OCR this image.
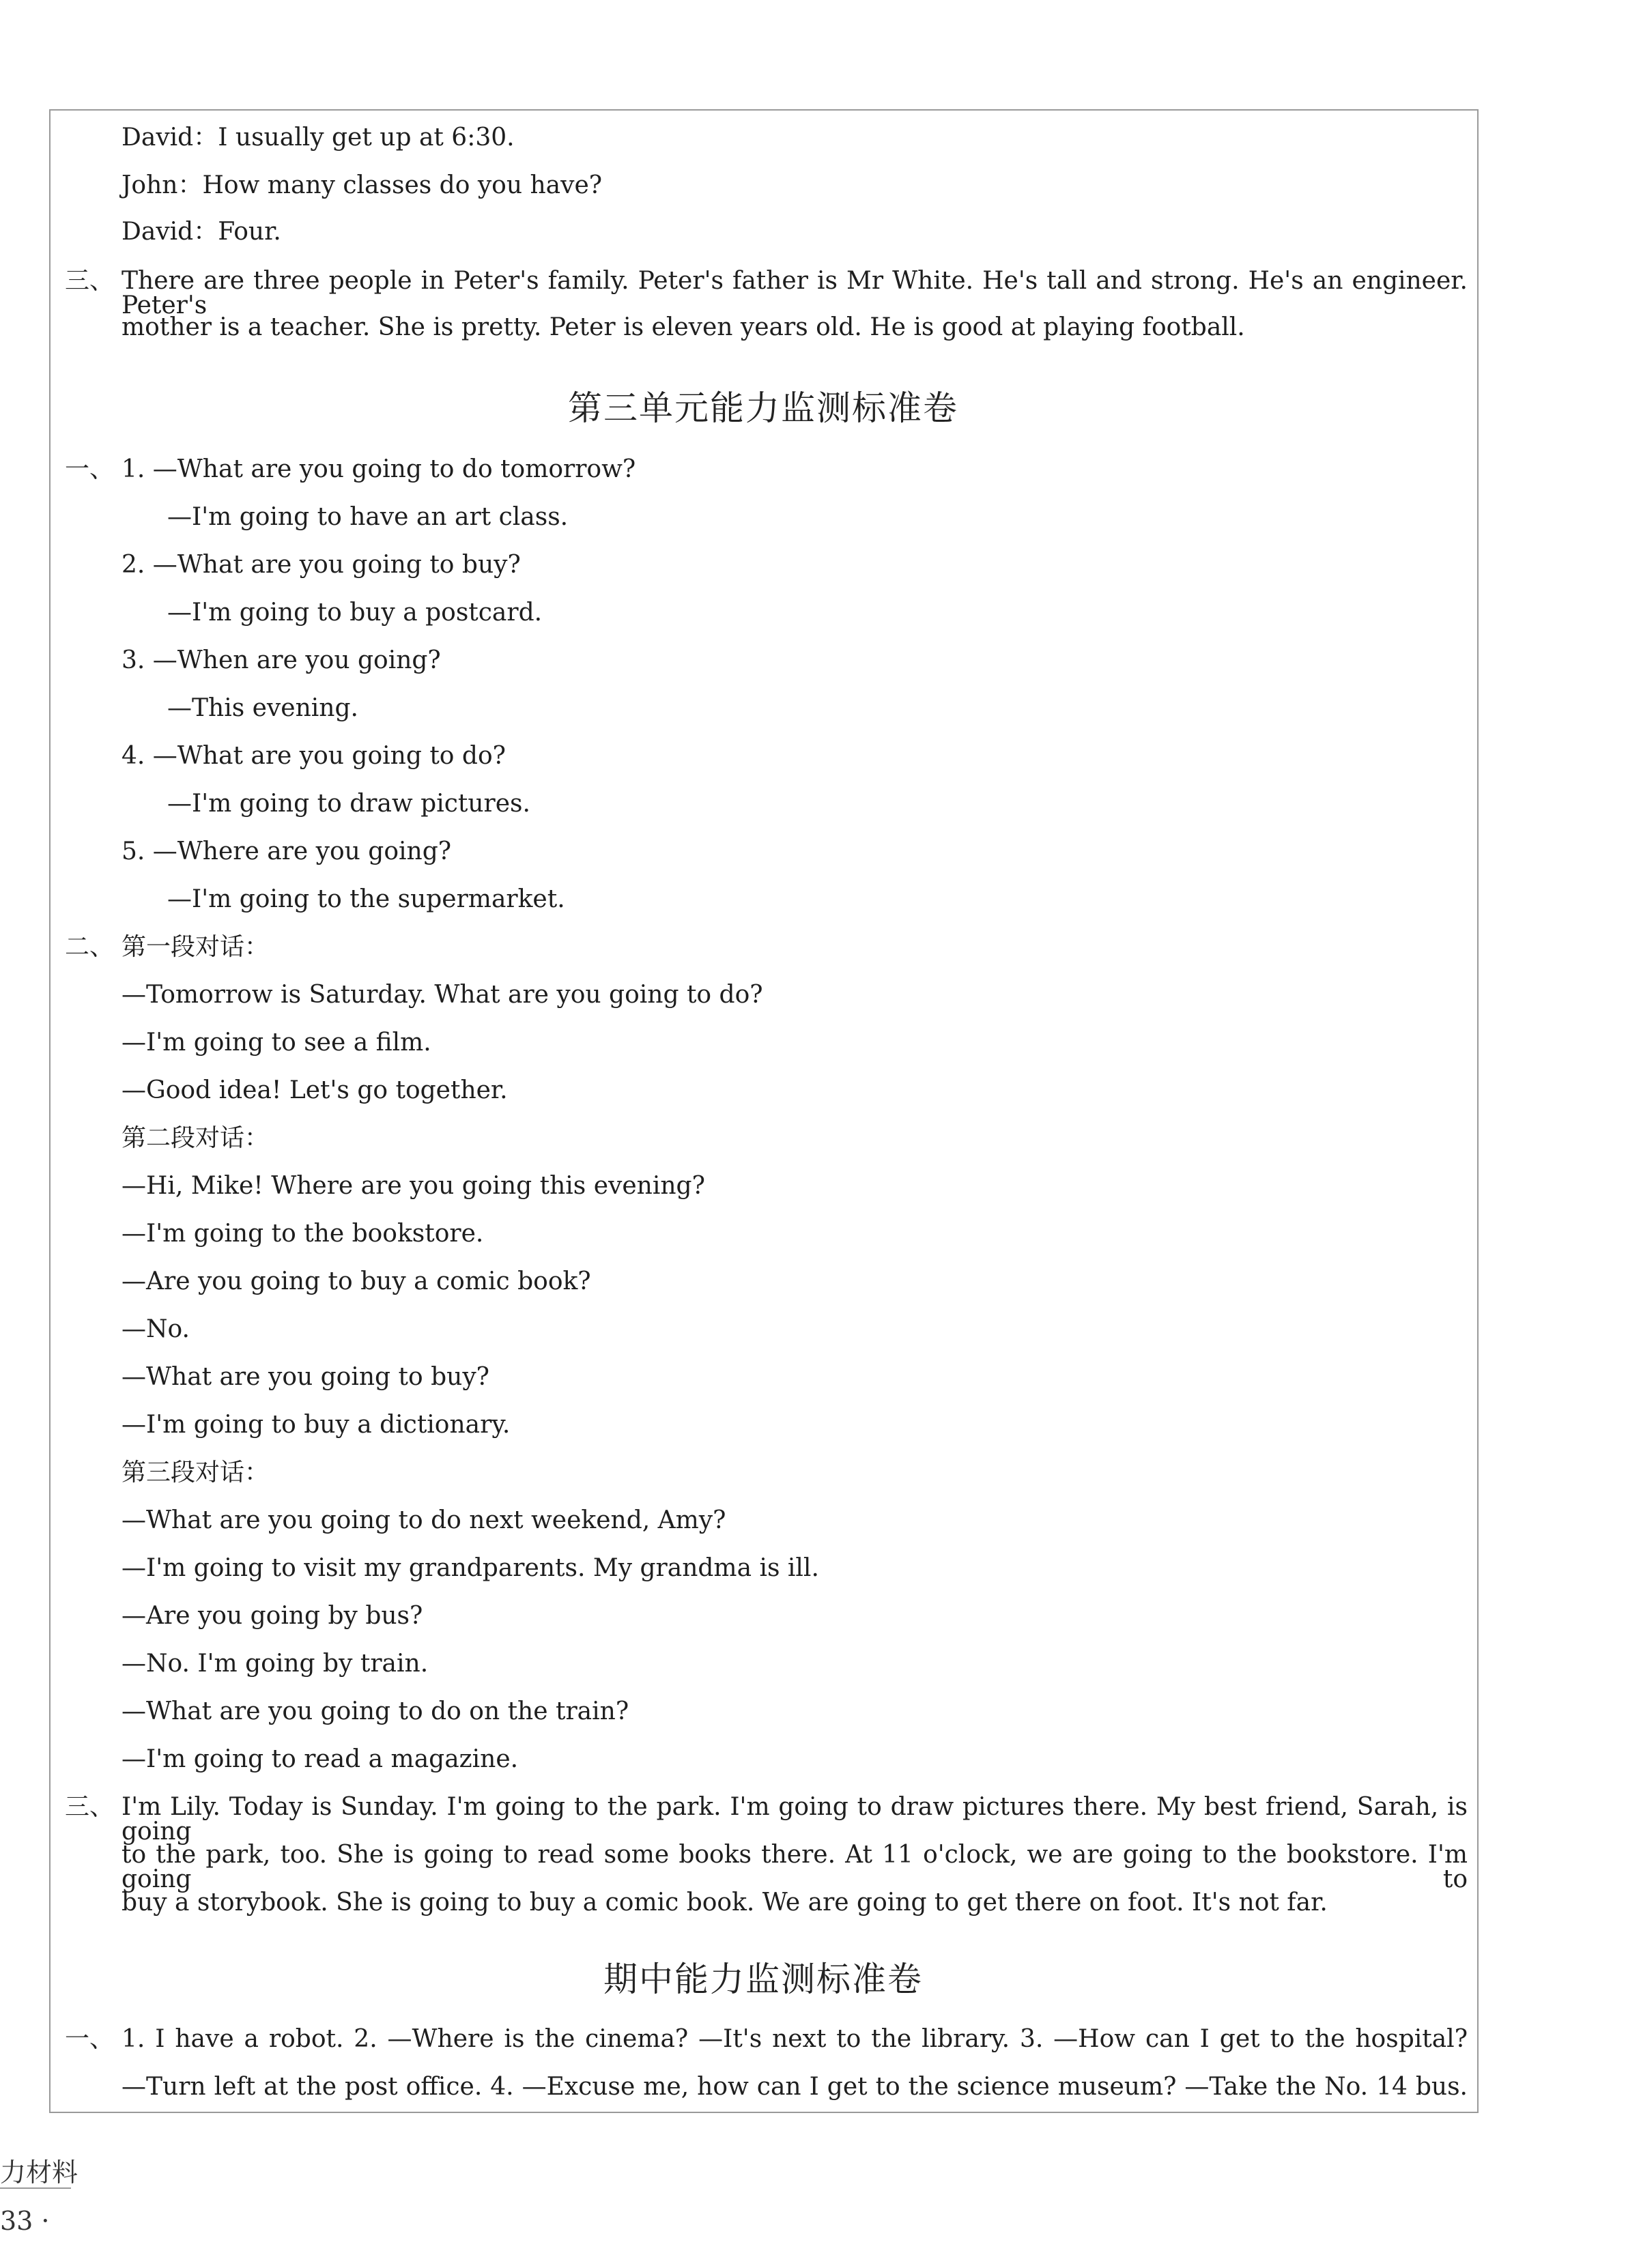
David：I usually get up at 6:30.
John：How many classes do you have?
David：Four.
三、 There are three people in Peter's family. Peter's father is Mr White. He's tall and strong. He's an engineer. Peter's
mother is a teacher. She is pretty. Peter is eleven years old. He is good at playing football.
第三单元能力监测标准卷
一、 1. —What are you going to do tomorrow?
—I'm going to have an art class.
2. —What are you going to buy?
—I'm going to buy a postcard.
3. —When are you going?
—This evening.
4. —What are you going to do?
—I'm going to draw pictures.
5. —Where are you going?
—I'm going to the supermarket.
二、 第一段对话：
—Tomorrow is Saturday. What are you going to do?
—I'm going to see a film.
—Good idea! Let's go together.
第二段对话：
—Hi, Mike! Where are you going this evening?
—I'm going to the bookstore.
—Are you going to buy a comic book?
—No.
—What are you going to buy?
—I'm going to buy a dictionary.
第三段对话：
—What are you going to do next weekend, Amy?
—I'm going to visit my grandparents. My grandma is ill.
—Are you going by bus?
—No. I'm going by train.
—What are you going to do on the train?
—I'm going to read a magazine.
三、 I'm Lily. Today is Sunday. I'm going to the park. I'm going to draw pictures there. My best friend, Sarah, is going
to the park, too. She is going to read some books there. At 11 o'clock, we are going to the bookstore. I'm going to
buy a storybook. She is going to buy a comic book. We are going to get there on foot. It's not far.
期中能力监测标准卷
一、 1. I have a robot. 2. —Where is the cinema? —It's next to the library. 3. —How can I get to the hospital?
—Turn left at the post office. 4. —Excuse me, how can I get to the science museum? —Take the No. 14 bus.
力材料
33 ·
